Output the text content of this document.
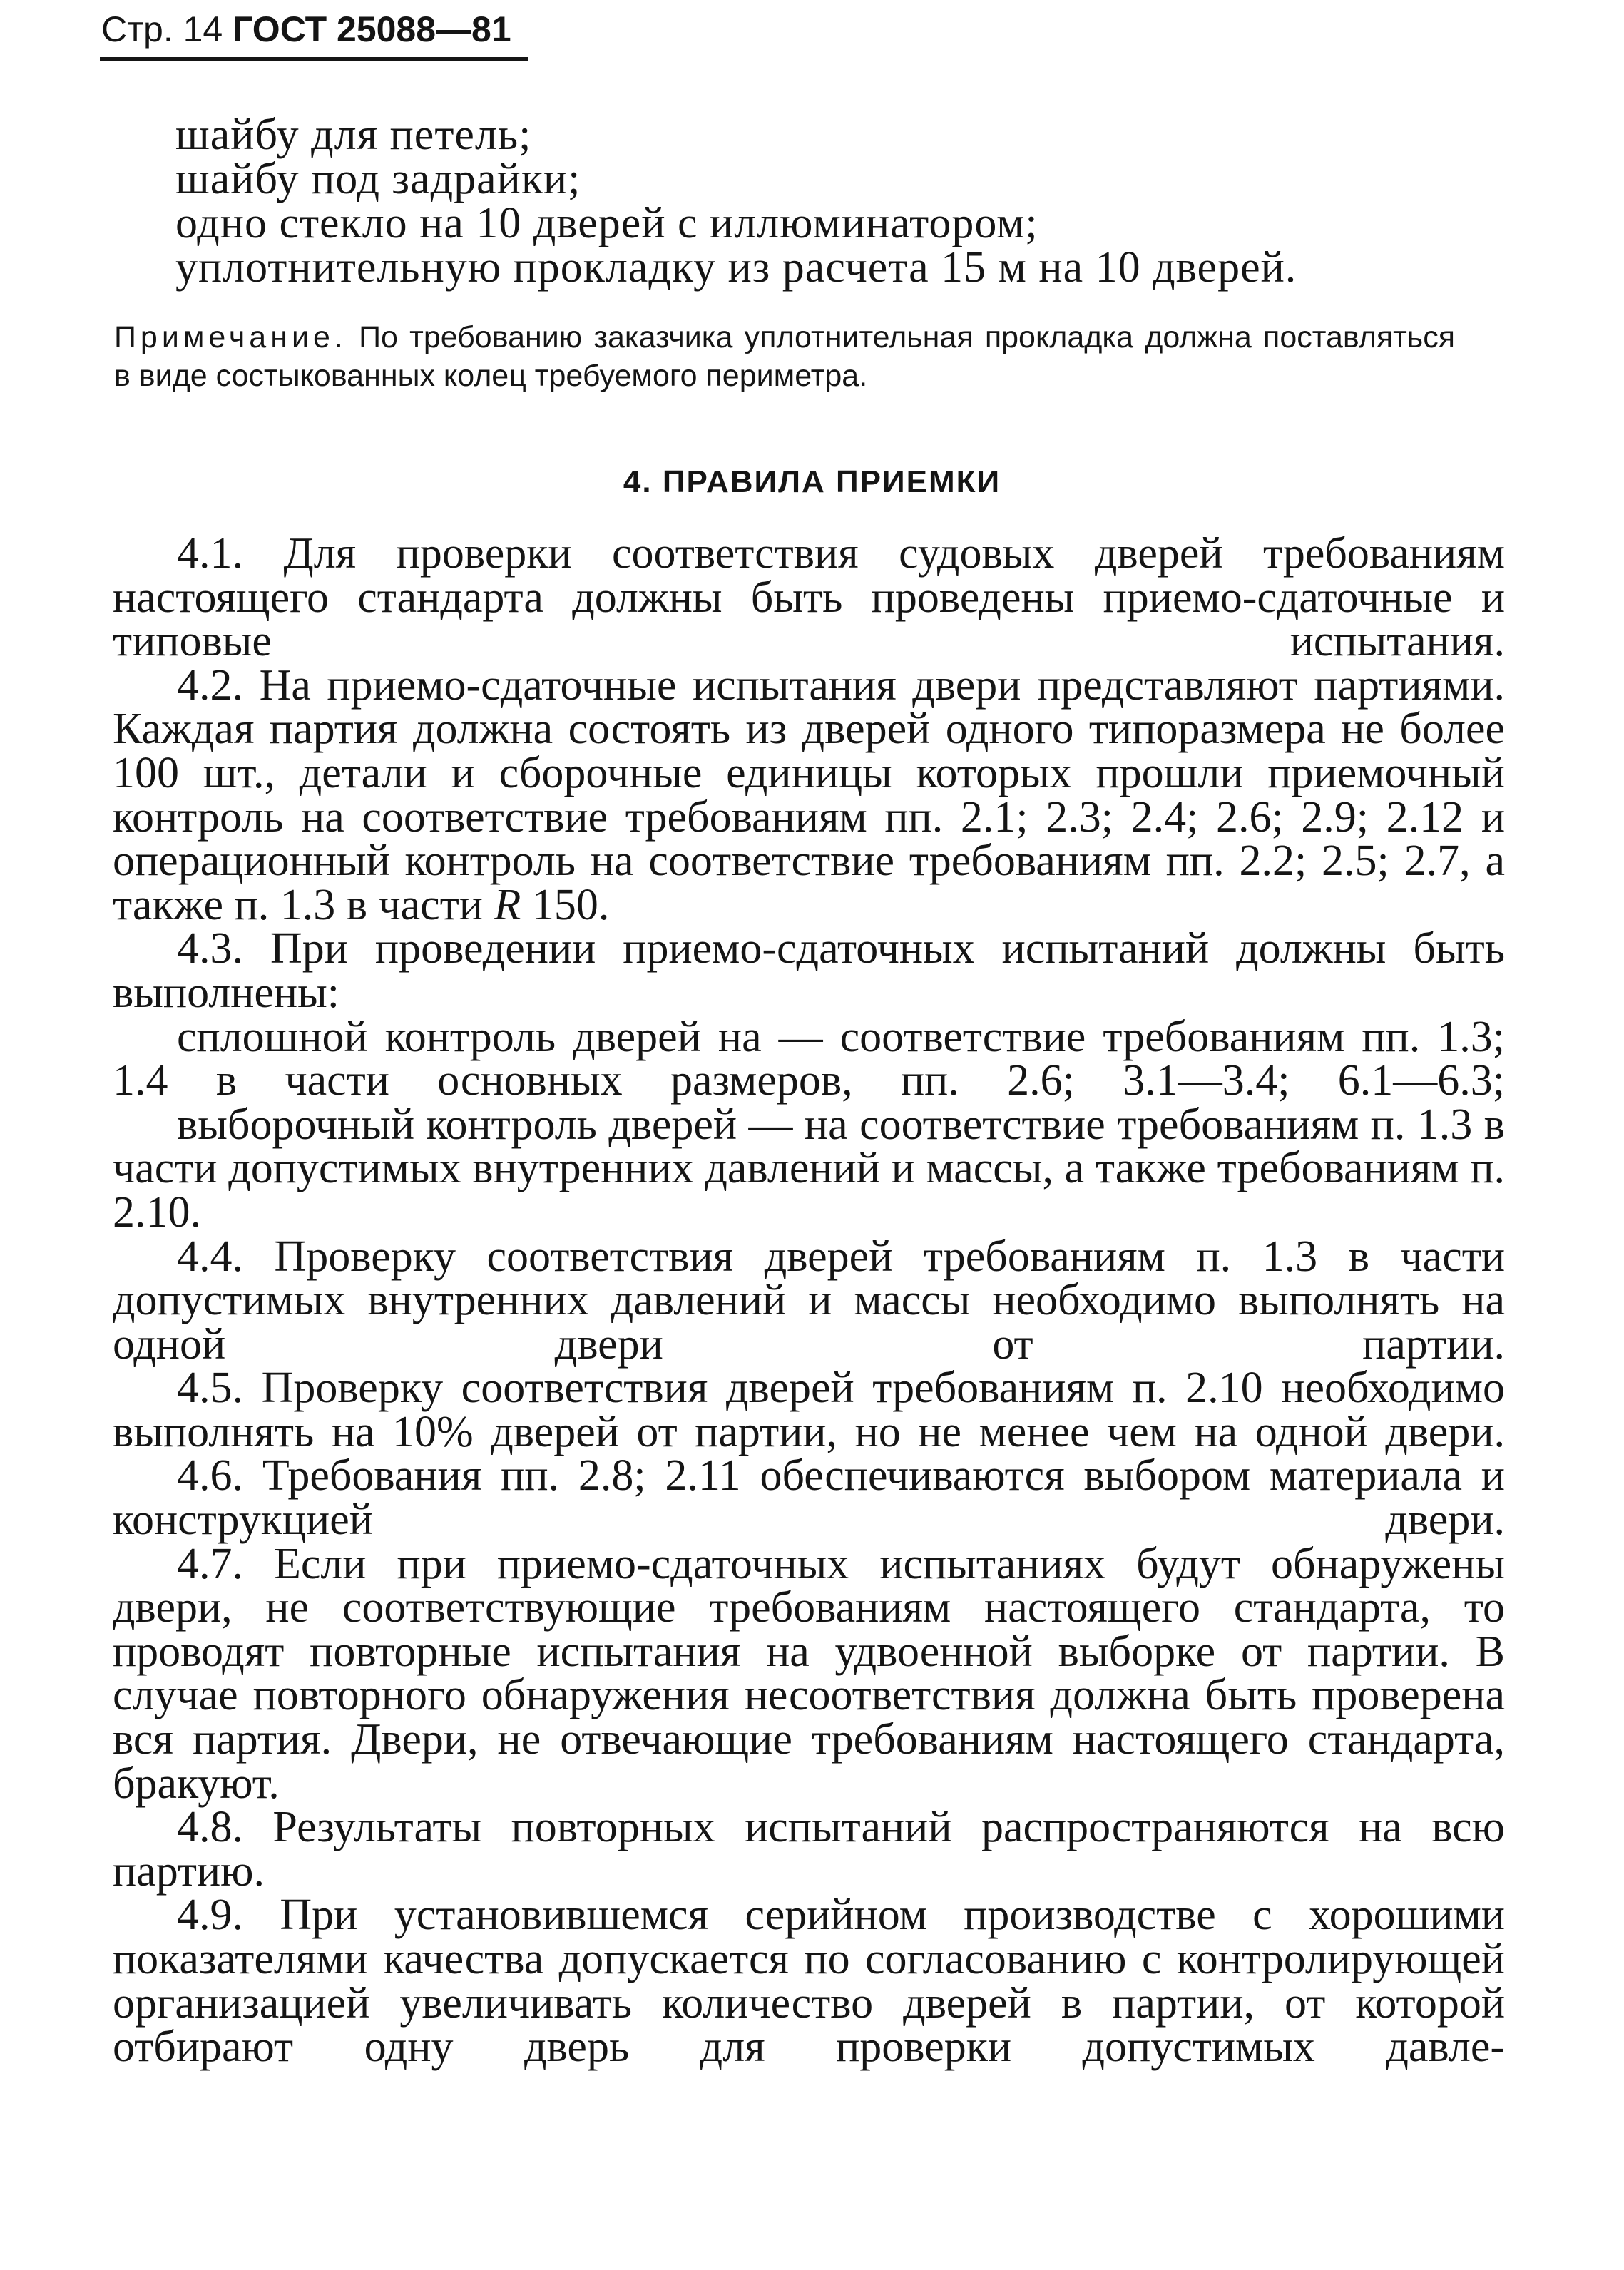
Стр. 14 ГОСТ 25088—81
шайбу для петель;
шайбу под задрайки;
одно стекло на 10 дверей с иллюминатором;
уплотнительную прокладку из расчета 15 м на 10 дверей.
Примечание. По требованию заказчика уплотнительная прокладка должна поставляться в виде состыкованных колец требуемого периметра.
4. ПРАВИЛА ПРИЕМКИ

4.1. Для проверки соответствия судовых дверей требованиям настоящего стандарта должны быть проведены приемо-сдаточные и типовые испытания.

4.2. На приемо-сдаточные испытания двери представляют партиями. Каждая партия должна состоять из дверей одного типоразмера не более 100 шт., детали и сборочные единицы которых прошли приемочный контроль на соответствие требованиям пп. 2.1; 2.3; 2.4; 2.6; 2.9; 2.12 и операционный контроль на соответствие требованиям пп. 2.2; 2.5; 2.7, а также п. 1.3 в части R 150.

4.3. При проведении приемо-сдаточных испытаний должны быть выполнены:

сплошной контроль дверей на — соответствие требованиям пп. 1.3; 1.4 в части основных размеров, пп. 2.6; 3.1—3.4; 6.1—6.3;

выборочный контроль дверей — на соответствие требованиям п. 1.3 в части допустимых внутренних давлений и массы, а также требованиям п. 2.10.

4.4. Проверку соответствия дверей требованиям п. 1.3 в части допустимых внутренних давлений и массы необходимо выполнять на одной двери от партии.

4.5. Проверку соответствия дверей требованиям п. 2.10 необходимо выполнять на 10% дверей от партии, но не менее чем на одной двери.

4.6. Требования пп. 2.8; 2.11 обеспечиваются выбором материала и конструкцией двери.

4.7. Если при приемо-сдаточных испытаниях будут обнаружены двери, не соответствующие требованиям настоящего стандарта, то проводят повторные испытания на удвоенной выборке от партии. В случае повторного обнаружения несоответствия должна быть проверена вся партия. Двери, не отвечающие требованиям настоящего стандарта, бракуют.

4.8. Результаты повторных испытаний распространяются на всю партию.

4.9. При установившемся серийном производстве с хорошими показателями качества допускается по согласованию с контролирующей организацией увеличивать количество дверей в партии, от которой отбирают одну дверь для проверки допустимых давле-
